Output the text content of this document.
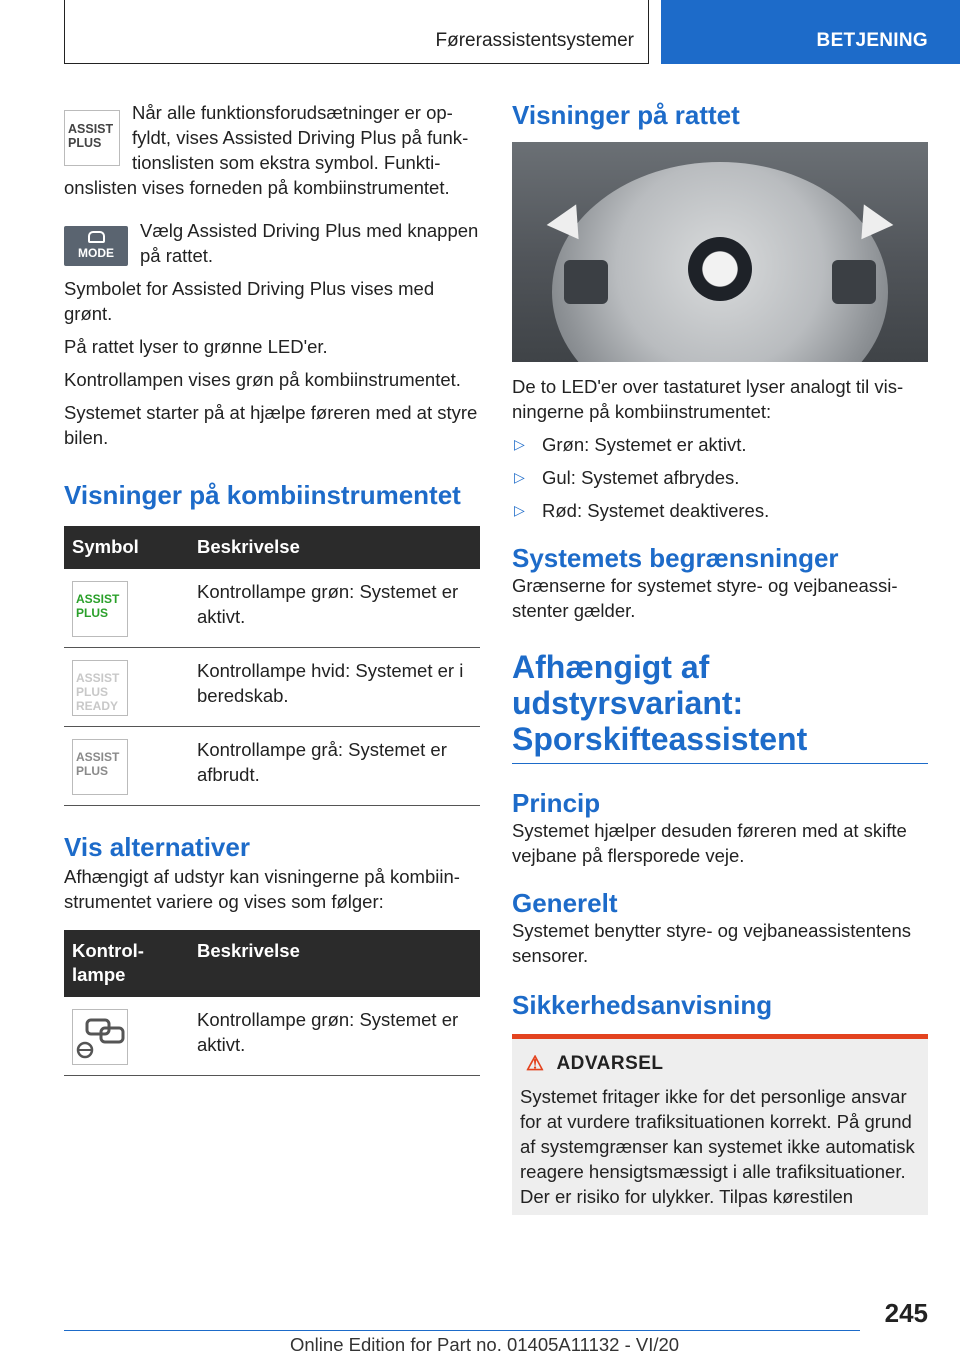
Førerassistentsystemer	BETJENING
ASSIST PLUS

Når alle funktionsforudsætninger er opfyldt, vises Assisted Driving Plus på funktionslisten som ekstra symbol. Funktionslisten vises forneden på kombiinstrumentet.

MODE

Vælg Assisted Driving Plus med knappen på rattet.

Symbolet for Assisted Driving Plus vises med grønt.

På rattet lyser to grønne LED'er.

Kontrollampen vises grøn på kombiinstrumentet.

Systemet starter på at hjælpe føreren med at styre bilen.

Visninger på kombiinstrumentet
Symbol	Beskrivelse

ASSIST PLUS	Kontrollampe grøn: Systemet er aktivt.

ASSIST PLUS READY	Kontrollampe hvid: Systemet er i beredskab.

ASSIST PLUS	Kontrollampe grå: Systemet er afbrudt.
Vis alternativer

Afhængigt af udstyr kan visningerne på kombiinstrumentet variere og vises som følger:

Kontrollampe	Beskrivelse

	Kontrollampe grøn: Systemet er aktivt.
Visninger på rattet

De to LED'er over tastaturet lyser analogt til visningerne på kombiinstrumentet:

▷ Grøn: Systemet er aktivt.
▷ Gul: Systemet afbrydes.
▷ Rød: Systemet deaktiveres.
Systemets begrænsninger

Grænserne for systemet styre- og vejbaneassistenter gælder.

Afhængigt af udstyrsvariant: Sporskifteassistent
Princip

Systemet hjælper desuden føreren med at skifte vejbane på flersporede veje.

Generelt

Systemet benytter styre- og vejbaneassistentens sensorer.

Sikkerhedsanvisning
⚠ ADVARSEL

Systemet fritager ikke for det personlige ansvar for at vurdere trafiksituationen korrekt. På grund af systemgrænser kan systemet ikke automatisk reagere hensigtsmæssigt i alle trafiksituationer. Der er risiko for ulykker. Tilpas kørestilen

245
Online Edition for Part no. 01405A11132 - VI/20
